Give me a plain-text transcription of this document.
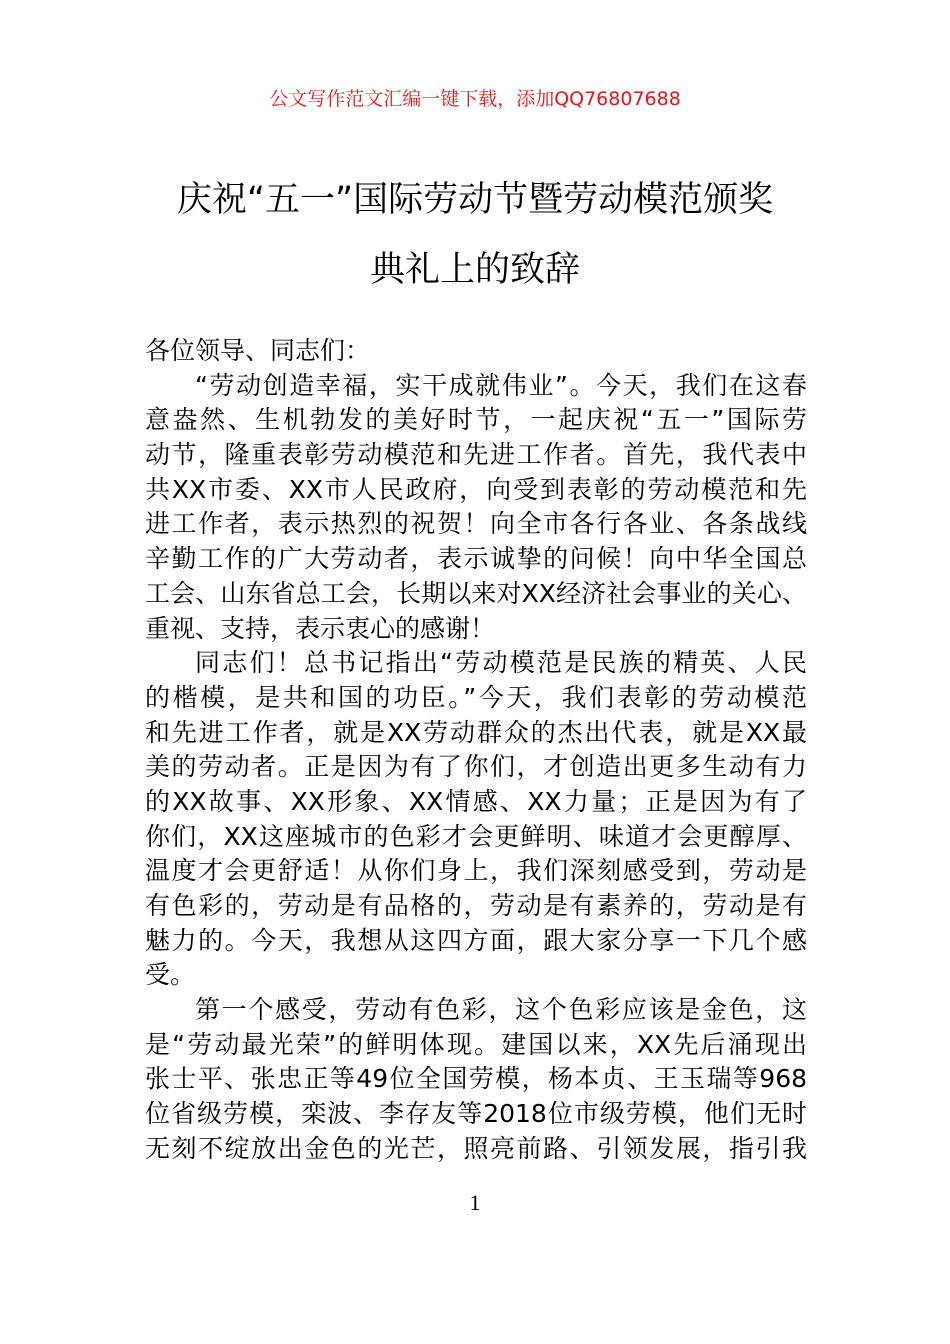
公文写作范文汇编一键下载，添加QQ76807688
庆祝“五一”国际劳动节暨劳动模范颁奖
典礼上的致辞
各位领导、同志们：
“劳动创造幸福，实干成就伟业”。今天，我们在这春
意盎然、生机勃发的美好时节，一起庆祝“五一”国际劳
动节，隆重表彰劳动模范和先进工作者。首先，我代表中
共XX市委、XX市人民政府，向受到表彰的劳动模范和先
进工作者，表示热烈的祝贺！向全市各行各业、各条战线
辛勤工作的广大劳动者，表示诚挚的问候！向中华全国总
工会、山东省总工会，长期以来对XX经济社会事业的关心、
重视、支持，表示衷心的感谢！
同志们！总书记指出“劳动模范是民族的精英、人民
的楷模，是共和国的功臣。”今天，我们表彰的劳动模范
和先进工作者，就是XX劳动群众的杰出代表，就是XX最
美的劳动者。正是因为有了你们，才创造出更多生动有力
的XX故事、XX形象、XX情感、XX力量；正是因为有了
你们，XX这座城市的色彩才会更鲜明、味道才会更醇厚、
温度才会更舒适！从你们身上，我们深刻感受到，劳动是
有色彩的，劳动是有品格的，劳动是有素养的，劳动是有
魅力的。今天，我想从这四方面，跟大家分享一下几个感
受。
第一个感受，劳动有色彩，这个色彩应该是金色，这
是“劳动最光荣”的鲜明体现。建国以来，XX先后涌现出
张士平、张忠正等49位全国劳模，杨本贞、王玉瑞等968
位省级劳模，栾波、李存友等2018位市级劳模，他们无时
无刻不绽放出金色的光芒，照亮前路、引领发展，指引我
1
